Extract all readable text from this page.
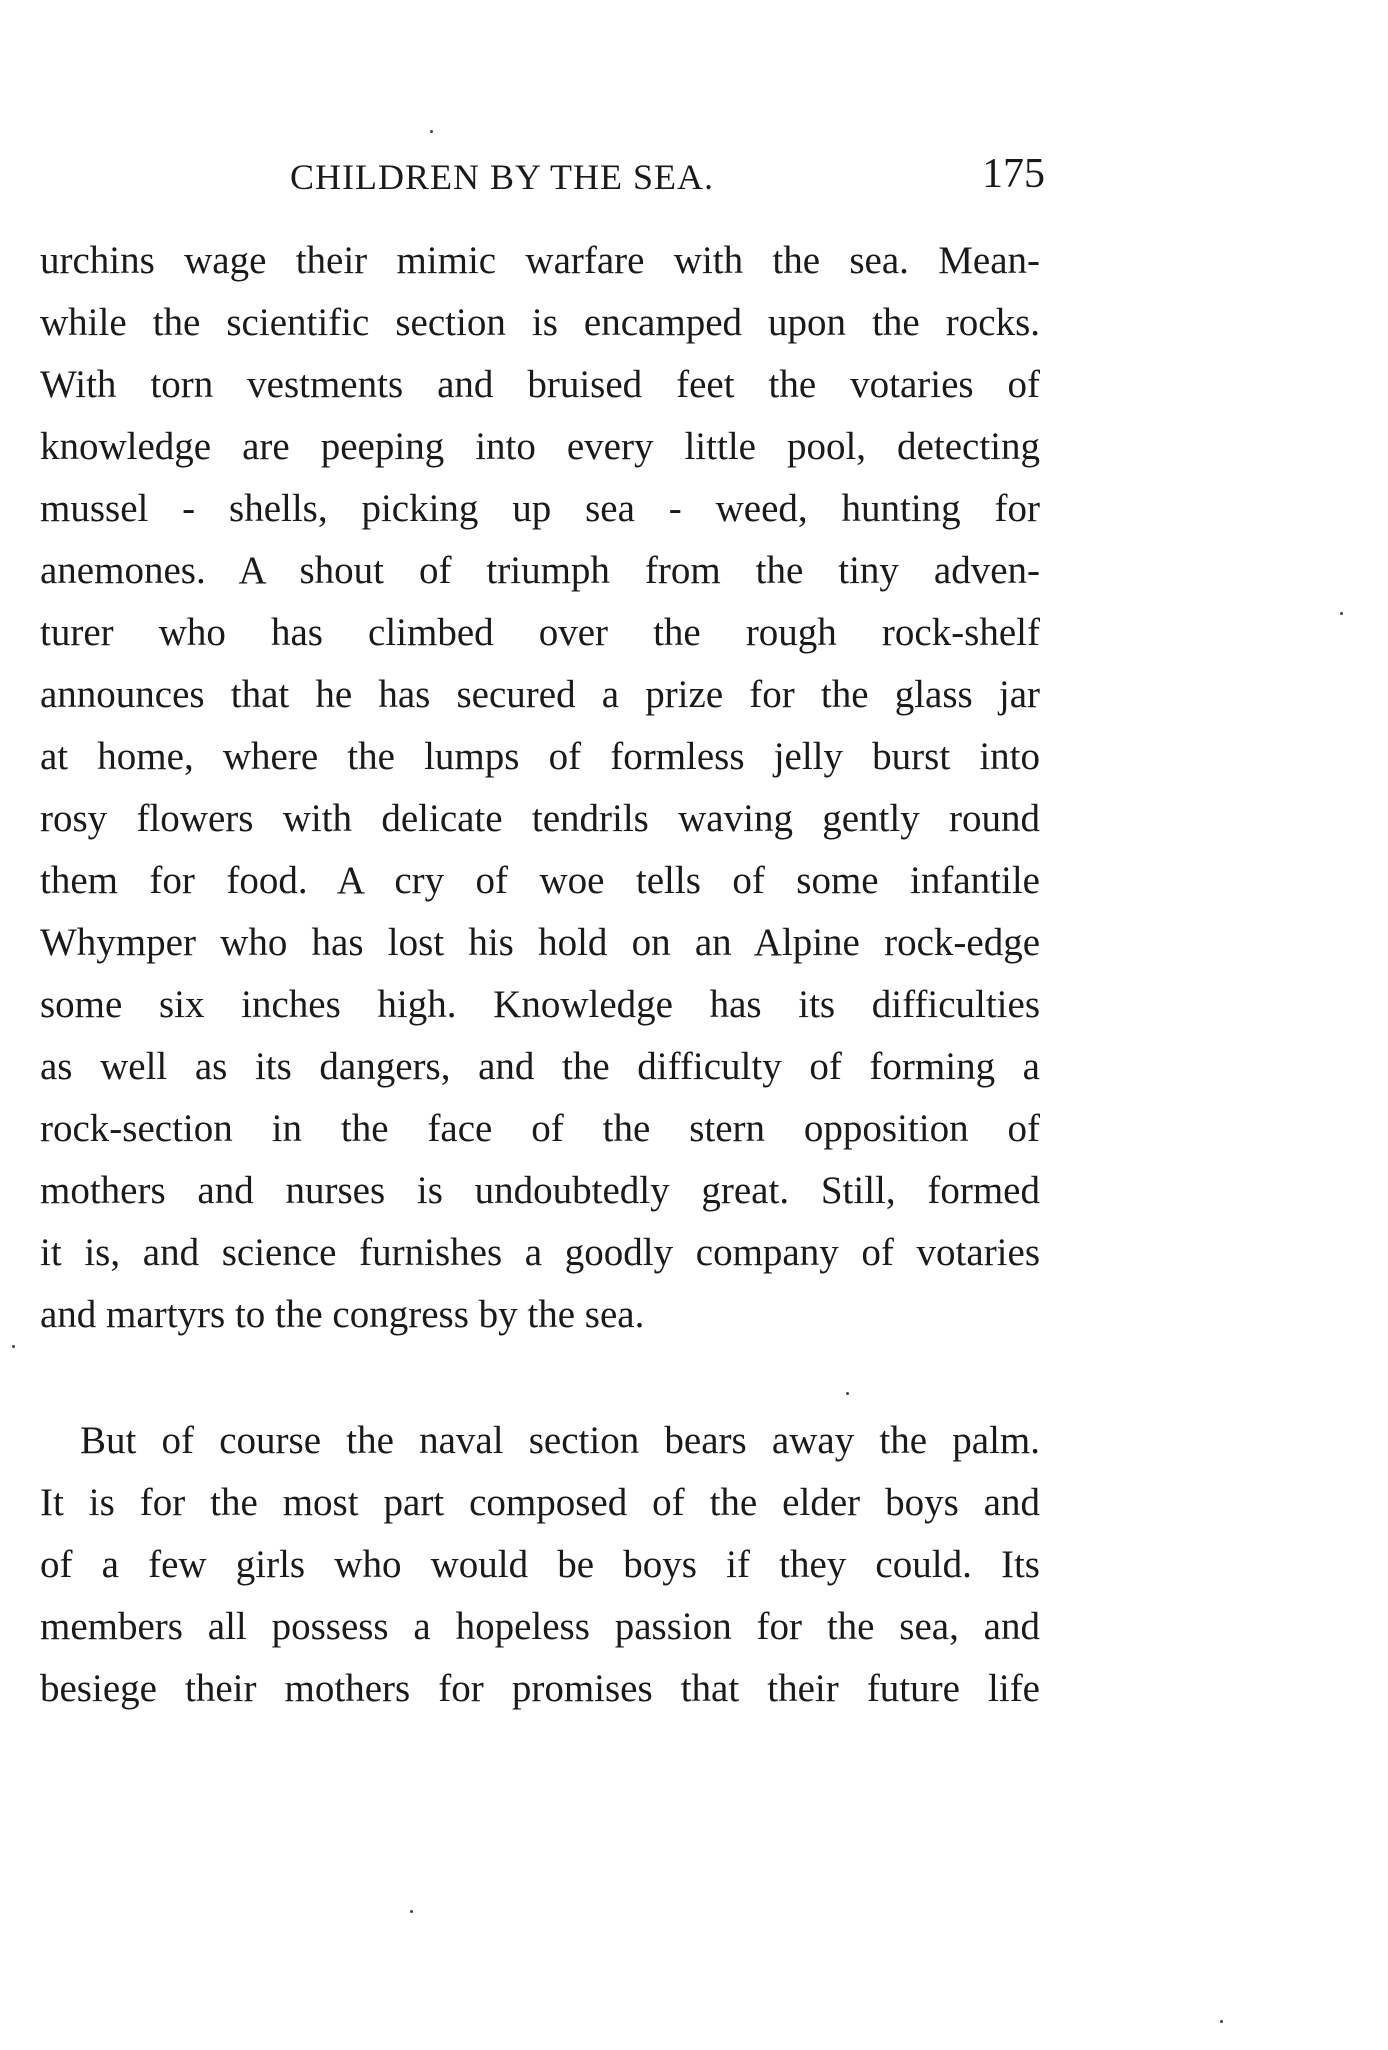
CHILDREN BY THE SEA.	175
urchins wage their mimic warfare with the sea. Mean-
while the scientific section is encamped upon the rocks.
With torn vestments and bruised feet the votaries of
knowledge are peeping into every little pool, detecting
mussel - shells, picking up sea - weed, hunting for
anemones. A shout of triumph from the tiny adven-
turer who has climbed over the rough rock-shelf
announces that he has secured a prize for the glass jar
at home, where the lumps of formless jelly burst into
rosy flowers with delicate tendrils waving gently round
them for food. A cry of woe tells of some infantile
Whymper who has lost his hold on an Alpine rock-edge
some six inches high. Knowledge has its difficulties
as well as its dangers, and the difficulty of forming a
rock-section in the face of the stern opposition of
mothers and nurses is undoubtedly great. Still, formed
it is, and science furnishes a goodly company of votaries
and martyrs to the congress by the sea.
But of course the naval section bears away the palm.
It is for the most part composed of the elder boys and
of a few girls who would be boys if they could. Its
members all possess a hopeless passion for the sea, and
besiege their mothers for promises that their future life
